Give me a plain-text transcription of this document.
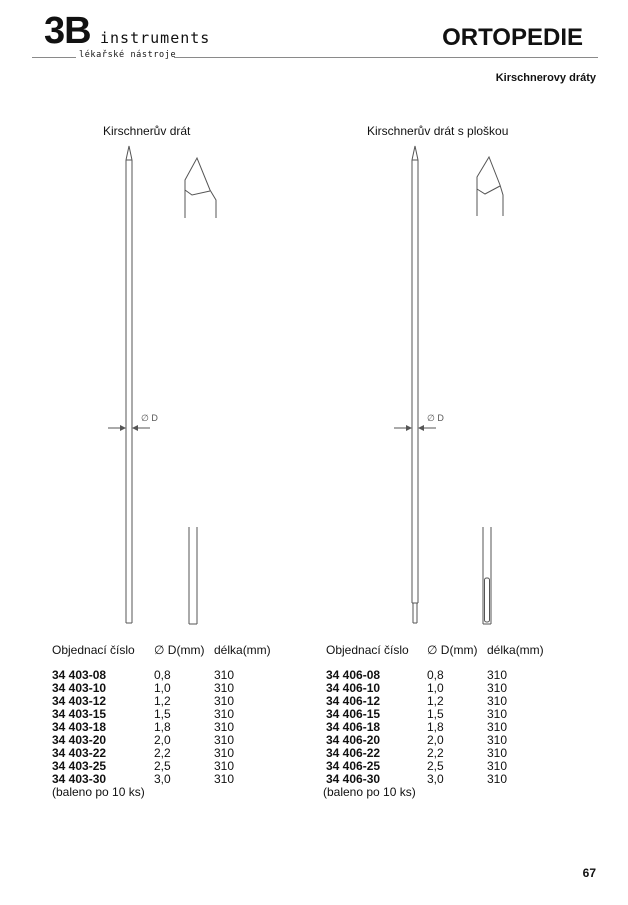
3B instruments
lékařské nástroje
ORTOPEDIE
Kirschnerovy dráty
Kirschnerův drát	Kirschnerův drát s ploškou
∅ D	∅ D
Objednací číslo ∅ D(mm) délka(mm)
34 403-08	0,8	310
34 403-10	1,0	310
34 403-12	1,2	310
34 403-15	1,5	310
34 403-18	1,8	310
34 403-20	2,0	310
34 403-22	2,2	310
34 403-25	2,5	310
34 403-30	3,0	310
(baleno po 10 ks)
Objednací číslo ∅ D(mm) délka(mm)
34 406-08	0,8	310
34 406-10	1,0	310
34 406-12	1,2	310
34 406-15	1,5	310
34 406-18	1,8	310
34 406-20	2,0	310
34 406-22	2,2	310
34 406-25	2,5	310
34 406-30	3,0	310
(baleno po 10 ks)
67
